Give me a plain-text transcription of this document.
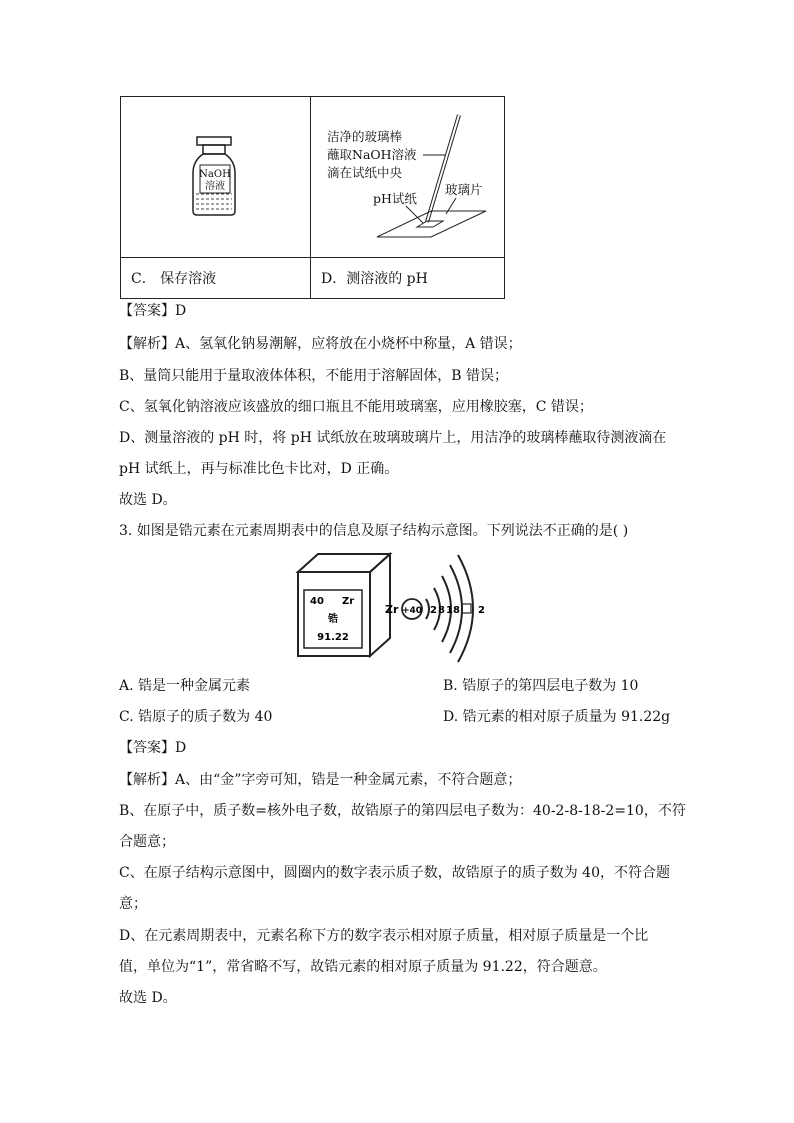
NaOH
溶液	洁净的玻璃棒
蘸取NaOH溶液
滴在试纸中央
pH试纸
玻璃片

C． 保存溶液	D．测溶液的 pH
【答案】D
【解析】A、氢氧化钠易潮解，应将放在小烧杯中称量，A 错误；
B、量筒只能用于量取液体体积，不能用于溶解固体，B 错误；
C、氢氧化钠溶液应该盛放的细口瓶且不能用玻璃塞，应用橡胶塞，C 错误；
D、测量溶液的 pH 时，将 pH 试纸放在玻璃玻璃片上，用洁净的玻璃棒蘸取待测液滴在
pH 试纸上，再与标准比色卡比对，D 正确。
故选 D。
3. 如图是锆元素在元素周期表中的信息及原子结构示意图。下列说法不正确的是( )
40 Zr
锆
91.22
Zr +40 2 8 18 2
A. 锆是一种金属元素	B. 锆原子的第四层电子数为 10
C. 锆原子的质子数为 40	D. 锆元素的相对原子质量为 91.22g
【答案】D
【解析】A、由“金”字旁可知，锆是一种金属元素，不符合题意；
B、在原子中，质子数=核外电子数，故锆原子的第四层电子数为：40-2-8-18-2=10，不符
合题意；
C、在原子结构示意图中，圆圈内的数字表示质子数，故锆原子的质子数为 40，不符合题
意；
D、在元素周期表中，元素名称下方的数字表示相对原子质量，相对原子质量是一个比
值，单位为“1”，常省略不写，故锆元素的相对原子质量为 91.22，符合题意。
故选 D。
